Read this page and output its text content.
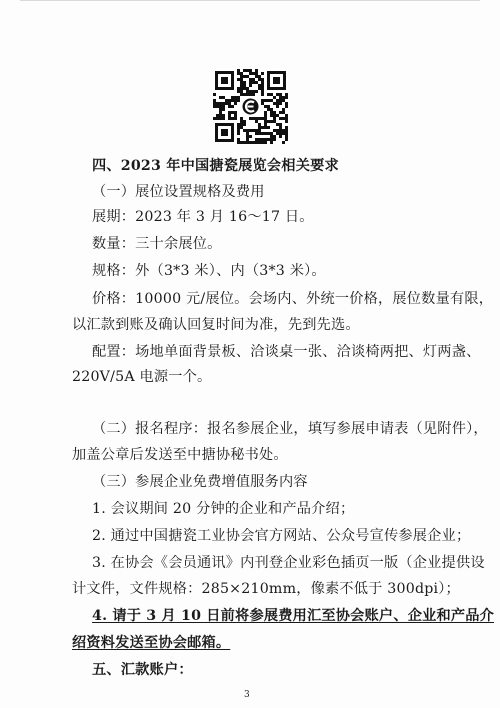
四、2023 年中国搪瓷展览会相关要求
（一）展位设置规格及费用
展期：2023 年 3 月 16～17 日。
数量：三十余展位。
规格：外（3*3 米）、内（3*3 米）。
价格：10000 元/展位。会场内、外统一价格，展位数量有限，
以汇款到账及确认回复时间为准，先到先选。
配置：场地单面背景板、洽谈桌一张、洽谈椅两把、灯两盏、
220V/5A 电源一个。
（二）报名程序：报名参展企业，填写参展申请表（见附件），
加盖公章后发送至中搪协秘书处。
（三）参展企业免费增值服务内容
1. 会议期间 20 分钟的企业和产品介绍；
2. 通过中国搪瓷工业协会官方网站、公众号宣传参展企业；
3. 在协会《会员通讯》内刊登企业彩色插页一版（企业提供设
计文件，文件规格：285×210mm，像素不低于 300dpi）；
4. 请于 3 月 10 日前将参展费用汇至协会账户、企业和产品介
绍资料发送至协会邮箱。
五、汇款账户：
3
